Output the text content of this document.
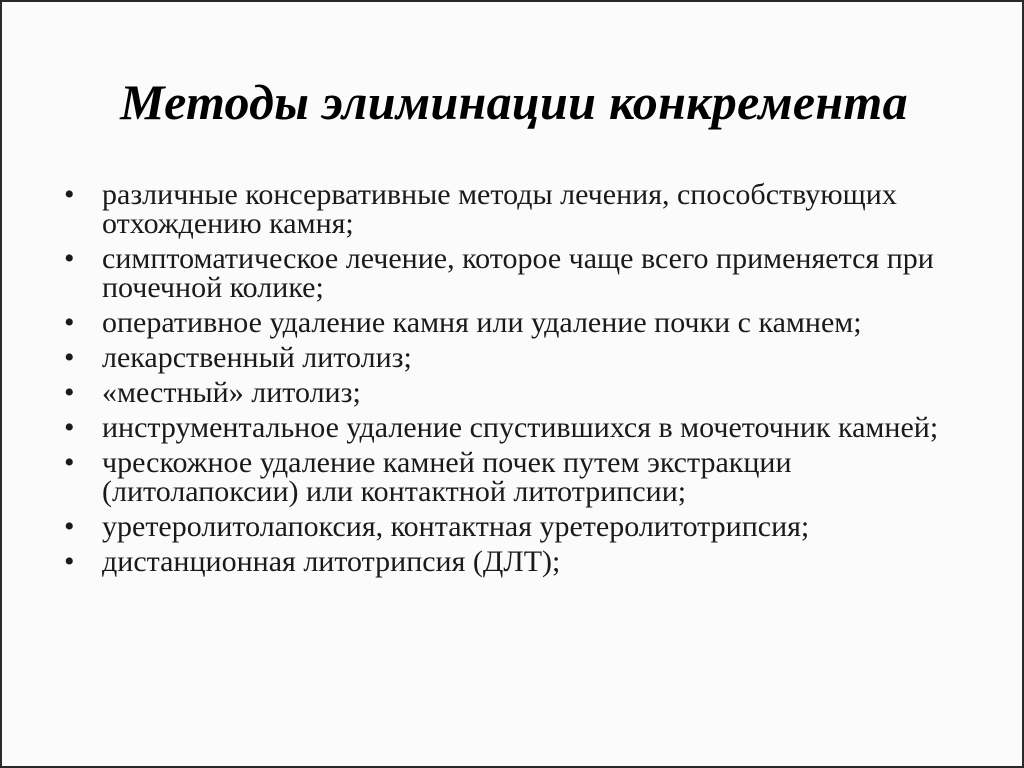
Методы элиминации конкремента
• различные консервативные методы лечения, способствующих отхождению камня;
• симптоматическое лечение, которое чаще всего применяется при почечной колике;
• оперативное удаление камня или удаление почки с камнем;
• лекарственный литолиз;
• «местный» литолиз;
• инструментальное удаление спустившихся в мочеточник камней;
• чрескожное удаление камней почек путем экстракции (литолапоксии) или контактной литотрипсии;
• уретеролитолапоксия, контактная уретеролитотрипсия;
• дистанционная литотрипсия (ДЛТ);
